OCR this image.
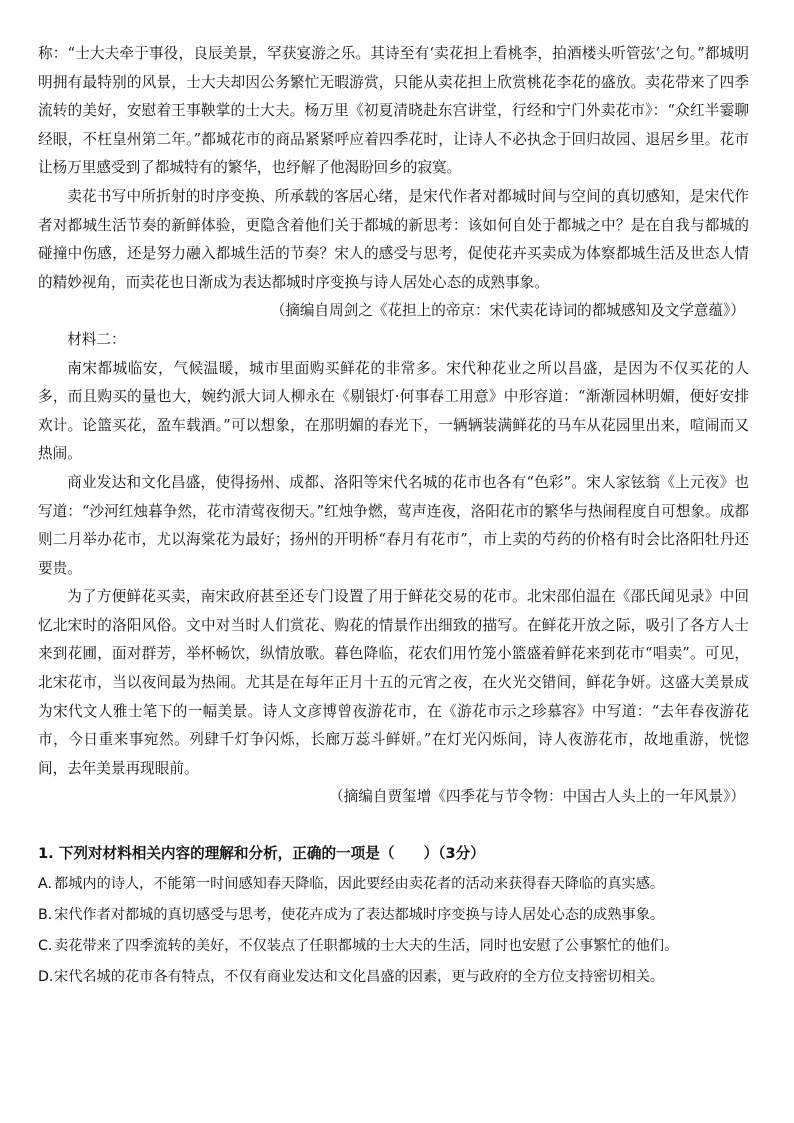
称：“士大夫牵于事役，良辰美景，罕获宴游之乐。其诗至有‘卖花担上看桃李，拍酒楼头听管弦’之句。”都城明明拥有最特别的风景，士大夫却因公务繁忙无暇游赏，只能从卖花担上欣赏桃花李花的盛放。卖花带来了四季流转的美好，安慰着王事鞅掌的士大夫。杨万里《初夏清晓赴东宫讲堂，行经和宁门外卖花市》：“众红半霎聊经眼，不枉皇州第二年。”都城花市的商品紧紧呼应着四季花时，让诗人不必执念于回归故园、退居乡里。花市让杨万里感受到了都城特有的繁华，也纾解了他渴盼回乡的寂寞。

卖花书写中所折射的时序变换、所承载的客居心绪，是宋代作者对都城时间与空间的真切感知，是宋代作者对都城生活节奏的新鲜体验，更隐含着他们关于都城的新思考：该如何自处于都城之中？是在自我与都城的碰撞中伤感，还是努力融入都城生活的节奏？宋人的感受与思考，促使花卉买卖成为体察都城生活及世态人情的精妙视角，而卖花也日渐成为表达都城时序变换与诗人居处心态的成熟事象。

（摘编自周剑之《花担上的帝京：宋代卖花诗词的都城感知及文学意蕴》）

材料二：

南宋都城临安，气候温暖，城市里面购买鲜花的非常多。宋代种花业之所以昌盛，是因为不仅买花的人多，而且购买的量也大，婉约派大词人柳永在《剔银灯·何事春工用意》中形容道：“渐渐园林明媚，便好安排欢计。论篮买花，盈车载酒。”可以想象，在那明媚的春光下，一辆辆装满鲜花的马车从花园里出来，喧闹而又热闹。

商业发达和文化昌盛，使得扬州、成都、洛阳等宋代名城的花市也各有“色彩”。宋人家铉翁《上元夜》也写道：“沙河红烛暮争然，花市清莺夜彻天。”红烛争燃，莺声连夜，洛阳花市的繁华与热闹程度自可想象。成都则二月举办花市，尤以海棠花为最好；扬州的开明桥“春月有花市”，市上卖的芍药的价格有时会比洛阳牡丹还要贵。

为了方便鲜花买卖，南宋政府甚至还专门设置了用于鲜花交易的花市。北宋邵伯温在《邵氏闻见录》中回忆北宋时的洛阳风俗。文中对当时人们赏花、购花的情景作出细致的描写。在鲜花开放之际，吸引了各方人士来到花圃，面对群芳，举杯畅饮，纵情放歌。暮色降临，花农们用竹笼小篮盛着鲜花来到花市“唱卖”。可见，北宋花市，当以夜间最为热闹。尤其是在每年正月十五的元宵之夜，在火光交错间，鲜花争妍。这盛大美景成为宋代文人雅士笔下的一幅美景。诗人文彦博曾夜游花市，在《游花市示之珍慕容》中写道：“去年春夜游花市，今日重来事宛然。列肆千灯争闪烁，长廊万蕊斗鲜妍。”在灯光闪烁间，诗人夜游花市，故地重游，恍惚间，去年美景再现眼前。

（摘编自贾玺增《四季花与节令物：中国古人头上的一年风景》）

1. 下列对材料相关内容的理解和分析，正确的一项是（　　）（3分）

A. 都城内的诗人，不能第一时间感知春天降临，因此要经由卖花者的活动来获得春天降临的真实感。

B. 宋代作者对都城的真切感受与思考，使花卉成为了表达都城时序变换与诗人居处心态的成熟事象。

C. 卖花带来了四季流转的美好，不仅装点了任职都城的士大夫的生活，同时也安慰了公事繁忙的他们。

D.宋代名城的花市各有特点，不仅有商业发达和文化昌盛的因素，更与政府的全方位支持密切相关。
